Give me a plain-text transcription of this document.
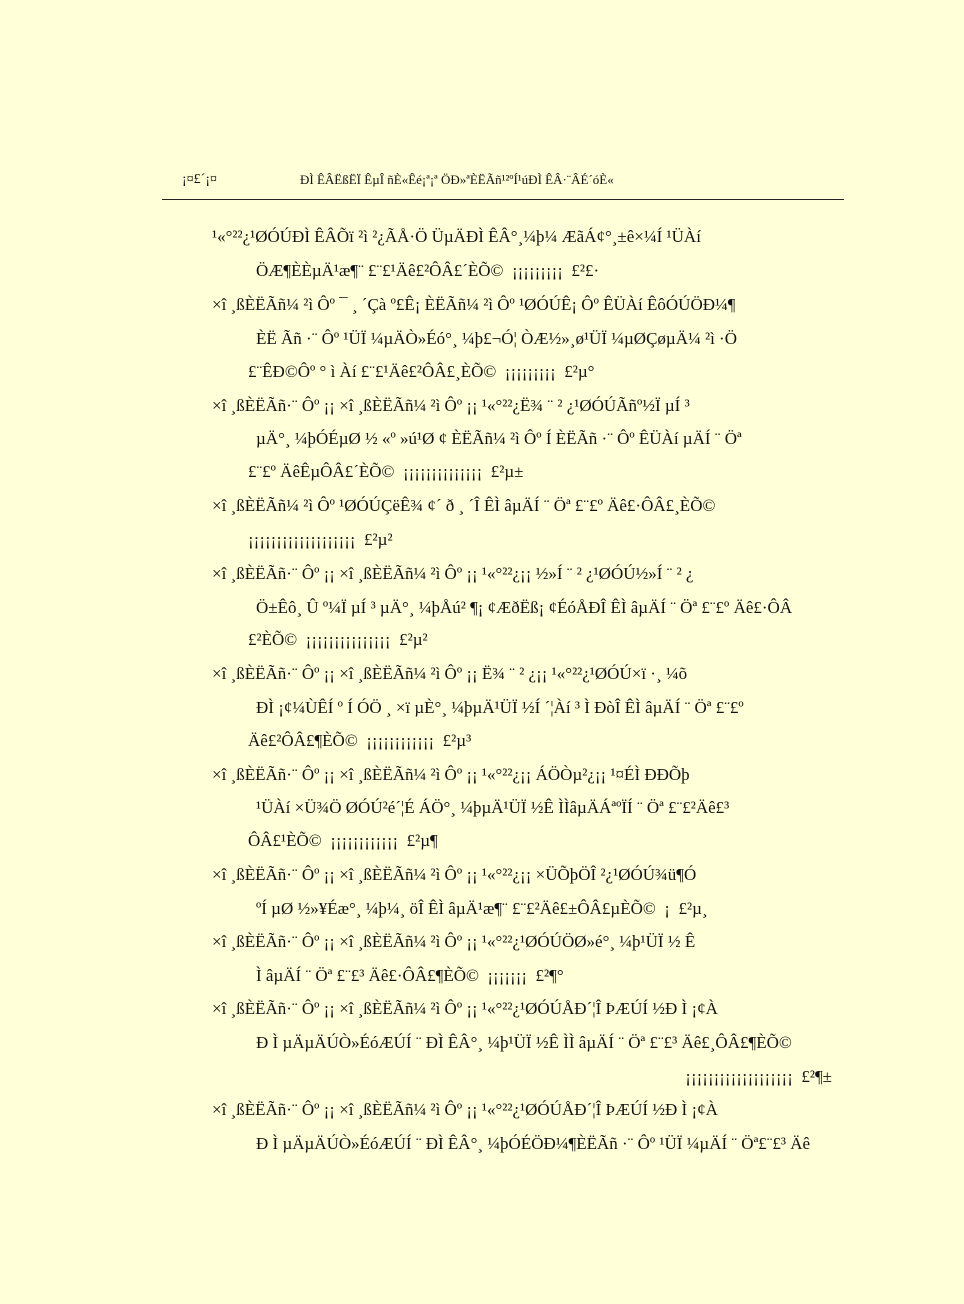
¡¤£´¡¤	ÐÌ ÊÂËßËÏ ÊµÎ ñÈ«Êé¡ª¡ª ÖÐ»ªÈËÃñ¹²ºÍ¹úÐÌ ÊÂ·¨ÂÉ´óÈ«
¹«°²²¿¹ØÓÚÐÌ ÊÂÕï ²ì ²¿ÃÅ·Ö ÜµÄÐÌ ÊÂ°¸¼þ¼ ÆãÁ¢°¸±ê×¼Í ¹ÜÀí
ÖÆ¶ÈÈµÄ¹æ¶¨ £¨£¹Äê£²ÔÂ£´ÈÕ©  ¡¡¡¡¡¡¡¡¡  £²£·
×î ¸ßÈËÃñ¼ ²ì Ôº ¯ ¸ ´Çà º£Ê¡ ÈËÃñ¼ ²ì Ôº ¹ØÓÚÊ¡ Ôº ÊÜÀí ÊôÓÚÖÐ¼¶
ÈË Ãñ ·¨ Ôº ¹ÜÏ ¼µÄÒ»Éó°¸ ¼þ£¬Ó¦ ÒÆ½»¸ø¹ÜÏ ¼µØÇøµÄ¼ ²ì ·Ö
£¨ÊÐ©Ôº ° ì Àí £¨£¹Äê£²ÔÂ£¸ÈÕ©  ¡¡¡¡¡¡¡¡¡  £²µ°
×î ¸ßÈËÃñ·¨ Ôº ¡¡ ×î ¸ßÈËÃñ¼ ²ì Ôº ¡¡ ¹«°²²¿Ë¾ ¨ ² ¿¹ØÓÚÃñº½Ï µÍ ³
µÄ°¸ ¼þÓÉµØ ½ «º »ú¹Ø ¢ ÈËÃñ¼ ²ì Ôº Í ÈËÃñ ·¨ Ôº ÊÜÀí µÄÍ ¨ Öª
£¨£º ÄêÊµÔÂ£´ÈÕ©  ¡¡¡¡¡¡¡¡¡¡¡¡¡¡  £²µ±
×î ¸ßÈËÃñ¼ ²ì Ôº ¹ØÓÚÇëÊ¾ ¢´ ð ¸ ´Î ÊÌ âµÄÍ ¨ Öª £¨£º Äê£·ÔÂ£¸ÈÕ©
¡¡¡¡¡¡¡¡¡¡¡¡¡¡¡¡¡¡¡  £²µ²
×î ¸ßÈËÃñ·¨ Ôº ¡¡ ×î ¸ßÈËÃñ¼ ²ì Ôº ¡¡ ¹«°²²¿¡¡ ½»Í ¨ ² ¿¹ØÓÚ½»Í ¨ ² ¿
Ö±Êô¸ Û º¼Ï µÍ ³ µÄ°¸ ¼þÅú² ¶¡ ¢ÆðËß¡ ¢ÉóÅÐÎ ÊÌ âµÄÍ ¨ Öª £¨£º Äê£·ÔÂ
£²ÈÕ©  ¡¡¡¡¡¡¡¡¡¡¡¡¡¡¡  £²µ²
×î ¸ßÈËÃñ·¨ Ôº ¡¡ ×î ¸ßÈËÃñ¼ ²ì Ôº ¡¡ Ë¾ ¨ ² ¿¡¡ ¹«°²²¿¹ØÓÚ×ï ·¸ ¼õ
ÐÌ ¡¢¼ÙÊÍ º Í ÓÖ ¸ ×ï µÈ°¸ ¼þµÄ¹ÜÏ ½Í ´¦Àí ³ Ì ÐòÎ ÊÌ âµÄÍ ¨ Öª £¨£º
Äê£²ÔÂ£¶ÈÕ©  ¡¡¡¡¡¡¡¡¡¡¡¡  £²µ³
×î ¸ßÈËÃñ·¨ Ôº ¡¡ ×î ¸ßÈËÃñ¼ ²ì Ôº ¡¡ ¹«°²²¿¡¡ ÁÖÒµ²¿¡¡ ¹¤ÉÌ ÐÐÕþ
¹ÜÀí ×Ü¾Ö ØÓÚ²é´¦É ÁÖ°¸ ¼þµÄ¹ÜÏ ½Ê ÌÌâµÄÁªºÏÍ ¨ Öª £¨£²Äê£³
ÔÂ£¹ÈÕ©  ¡¡¡¡¡¡¡¡¡¡¡¡  £²µ¶
×î ¸ßÈËÃñ·¨ Ôº ¡¡ ×î ¸ßÈËÃñ¼ ²ì Ôº ¡¡ ¹«°²²¿¡¡ ×ÜÕþÖÎ ²¿¹ØÓÚ¾ü¶Ó
ºÍ µØ ½»¥Éæ°¸ ¼þ¼¸ öÎ ÊÌ âµÄ¹æ¶¨ £¨£²Äê£±ÔÂ£µÈÕ©  ¡  £²µ¸
×î ¸ßÈËÃñ·¨ Ôº ¡¡ ×î ¸ßÈËÃñ¼ ²ì Ôº ¡¡ ¹«°²²¿¹ØÓÚÖØ»é°¸ ¼þ¹ÜÏ ½ Ê
Ì âµÄÍ ¨ Öª £¨£³ Äê£·ÔÂ£¶ÈÕ©  ¡¡¡¡¡¡¡  £²¶°
×î ¸ßÈËÃñ·¨ Ôº ¡¡ ×î ¸ßÈËÃñ¼ ²ì Ôº ¡¡ ¹«°²²¿¹ØÓÚÅÐ´¦Î ÞÆÚÍ ½Ð Ì ¡¢À
Ð Ì µÄµÄÚÒ»ÉóÆÚÍ ¨ ÐÌ ÊÂ°¸ ¼þ¹ÜÏ ½Ê ÌÌ âµÄÍ ¨ Öª £¨£³ Äê£¸ÔÂ£¶ÈÕ©
¡¡¡¡¡¡¡¡¡¡¡¡¡¡¡¡¡¡¡  £²¶±
×î ¸ßÈËÃñ·¨ Ôº ¡¡ ×î ¸ßÈËÃñ¼ ²ì Ôº ¡¡ ¹«°²²¿¹ØÓÚÅÐ´¦Î ÞÆÚÍ ½Ð Ì ¡¢À
Ð Ì µÄµÄÚÒ»ÉóÆÚÍ ¨ ÐÌ ÊÂ°¸ ¼þÓÉÖÐ¼¶ÈËÃñ ·¨ Ôº ¹ÜÏ ¼µÄÍ ¨ Öª£¨£³ Äê
